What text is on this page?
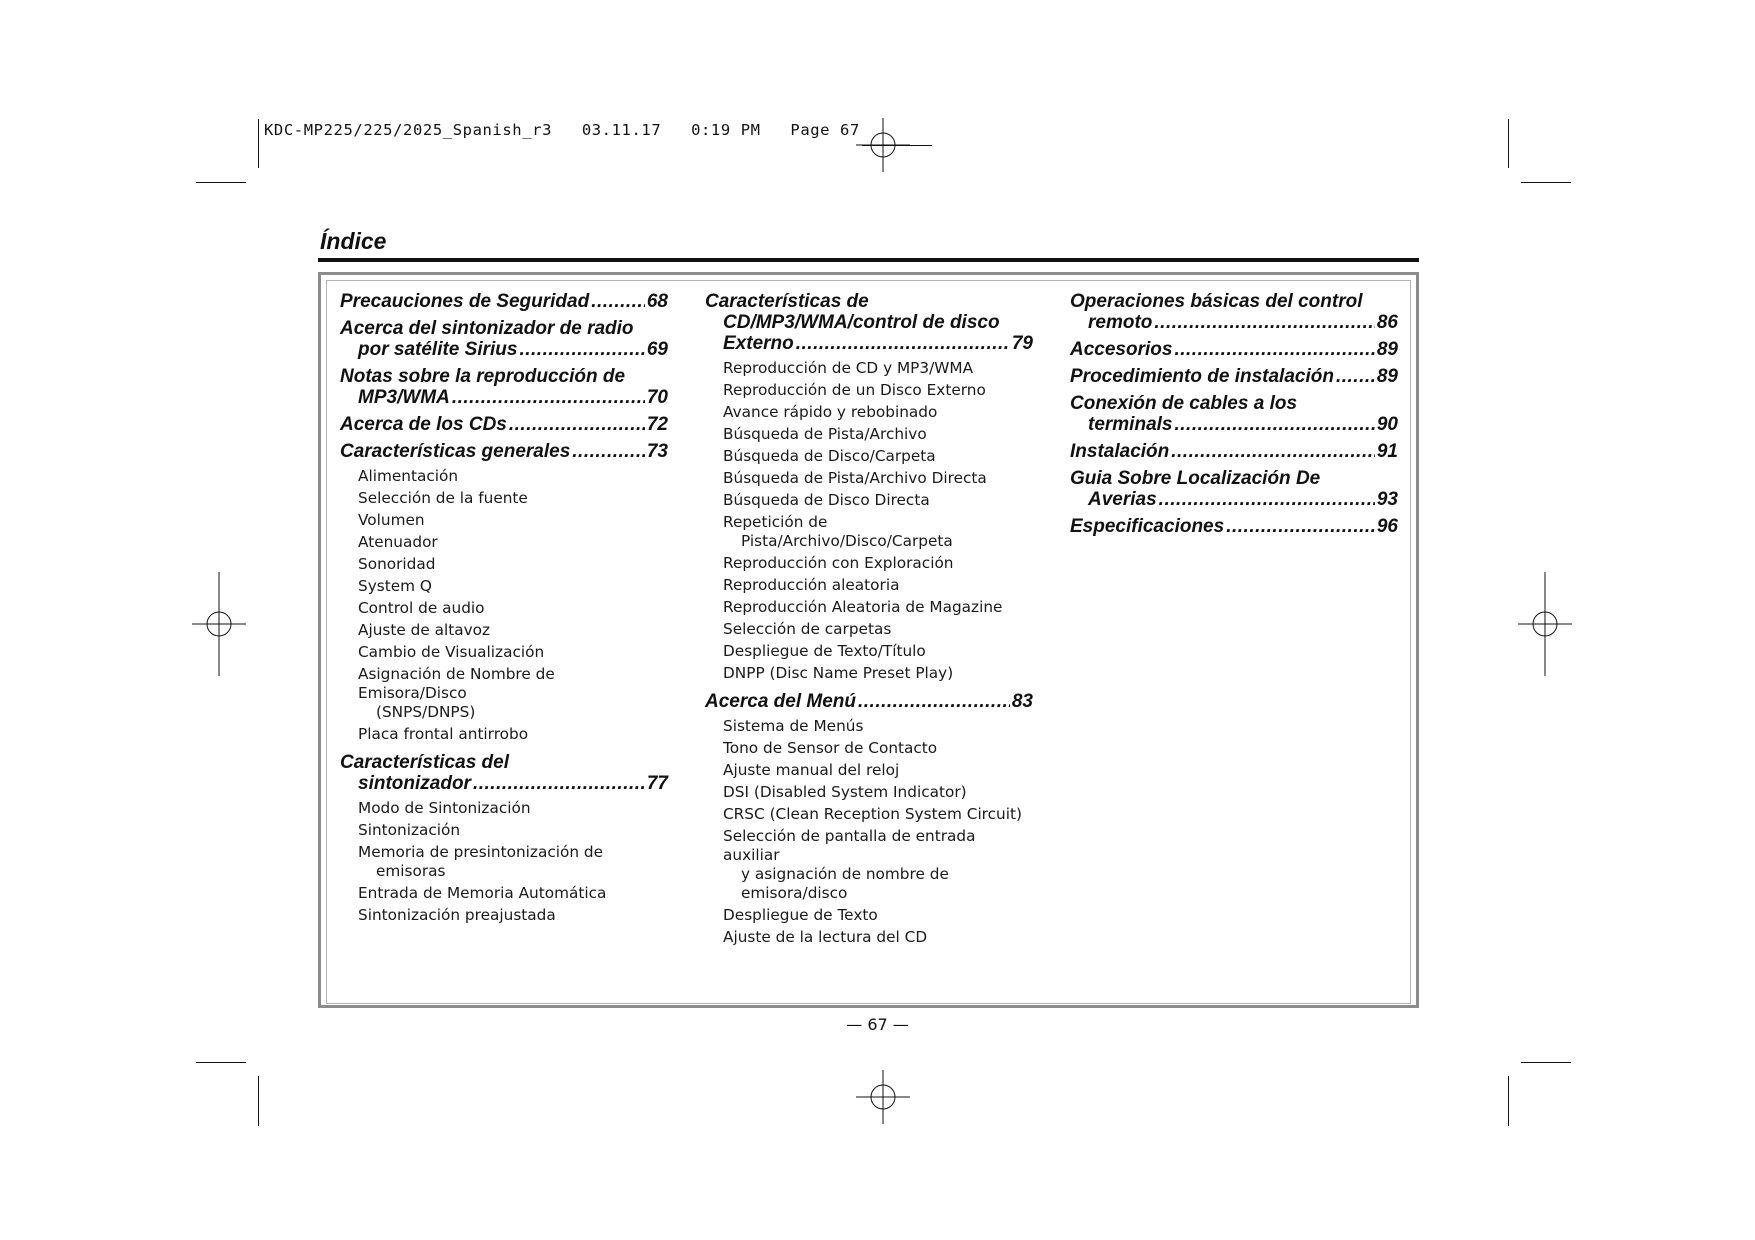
KDC-MP225/225/2025_Spanish_r3   03.11.17   0:19 PM   Page 67
Índice
Precauciones de Seguridad .....	68
Acerca del sintonizador de radio
por satélite Sirius .....	69
Notas sobre la reproducción de
MP3/WMA .....	70
Acerca de los CDs .....	72
Características generales .....	73
Alimentación
Selección de la fuente
Volumen
Atenuador
Sonoridad
System Q
Control de audio
Ajuste de altavoz
Cambio de Visualización
Asignación de Nombre de Emisora/Disco
(SNPS/DNPS)
Placa frontal antirrobo
Características del
sintonizador .....	77
Modo de Sintonización
Sintonización
Memoria de presintonización de
emisoras
Entrada de Memoria Automática
Sintonización preajustada
Características de
CD/MP3/WMA/control de disco
Externo .....	79
Reproducción de CD y MP3/WMA
Reproducción de un Disco Externo
Avance rápido y rebobinado
Búsqueda de Pista/Archivo
Búsqueda de Disco/Carpeta
Búsqueda de Pista/Archivo Directa
Búsqueda de Disco Directa
Repetición de
Pista/Archivo/Disco/Carpeta
Reproducción con Exploración
Reproducción aleatoria
Reproducción Aleatoria de Magazine
Selección de carpetas
Despliegue de Texto/Título
DNPP (Disc Name Preset Play)
Acerca del Menú .....	83
Sistema de Menús
Tono de Sensor de Contacto
Ajuste manual del reloj
DSI (Disabled System Indicator)
CRSC (Clean Reception System Circuit)
Selección de pantalla de entrada auxiliar
y asignación de nombre de
emisora/disco
Despliegue de Texto
Ajuste de la lectura del CD
Operaciones básicas del control
remoto .....	86
Accesorios .....	89
Procedimiento de instalación ..... 89
Conexión de cables a los
terminals .....	90
Instalación .....	91
Guia Sobre Localización De
Averias .....	93
Especificaciones .....	96
— 67 —
